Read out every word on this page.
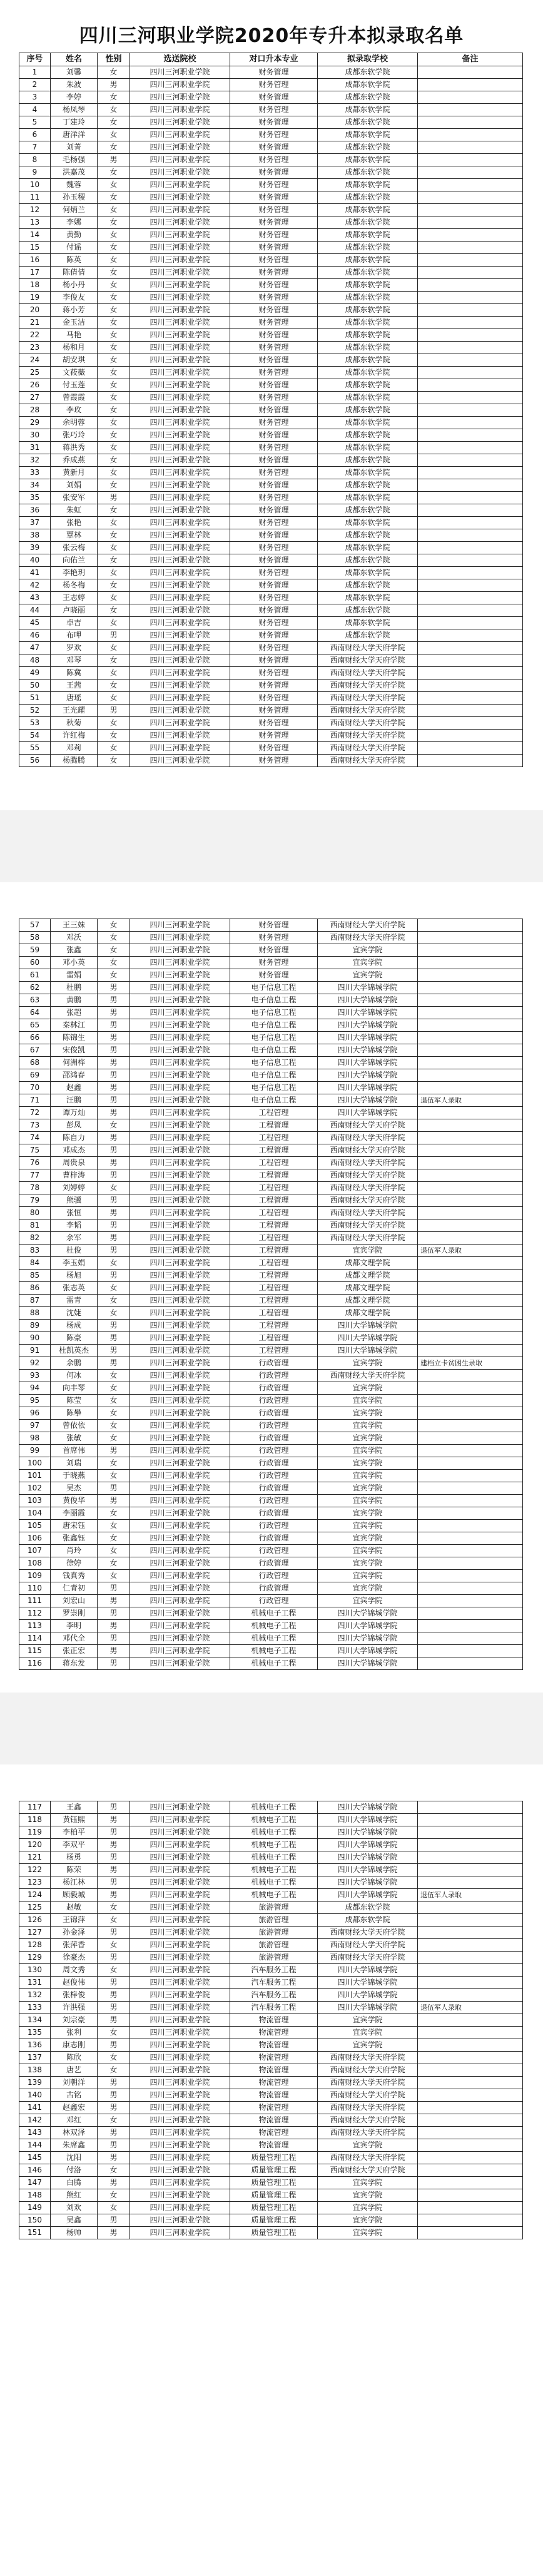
四川三河职业学院2020年专升本拟录取名单
序号	姓名	性别	选送院校	对口升本专业	拟录取学校	备注
1	刘馨	女	四川三河职业学院	财务管理	成都东软学院	
2	朱波	男	四川三河职业学院	财务管理	成都东软学院	
3	李婷	女	四川三河职业学院	财务管理	成都东软学院	
4	杨凤琴	女	四川三河职业学院	财务管理	成都东软学院	
5	丁建玲	女	四川三河职业学院	财务管理	成都东软学院	
6	唐洋洋	女	四川三河职业学院	财务管理	成都东软学院	
7	刘菁	女	四川三河职业学院	财务管理	成都东软学院	
8	毛杨强	男	四川三河职业学院	财务管理	成都东软学院	
9	洪嘉茂	女	四川三河职业学院	财务管理	成都东软学院	
10	魏蓉	女	四川三河职业学院	财务管理	成都东软学院	
11	孙玉稷	女	四川三河职业学院	财务管理	成都东软学院	
12	何炳兰	女	四川三河职业学院	财务管理	成都东软学院	
13	李娜	女	四川三河职业学院	财务管理	成都东软学院	
14	黄勤	女	四川三河职业学院	财务管理	成都东软学院	
15	付谣	女	四川三河职业学院	财务管理	成都东软学院	
16	陈英	女	四川三河职业学院	财务管理	成都东软学院	
17	陈倩倩	女	四川三河职业学院	财务管理	成都东软学院	
18	杨小丹	女	四川三河职业学院	财务管理	成都东软学院	
19	李俊友	女	四川三河职业学院	财务管理	成都东软学院	
20	蒋小芳	女	四川三河职业学院	财务管理	成都东软学院	
21	金玉洁	女	四川三河职业学院	财务管理	成都东软学院	
22	马艳	女	四川三河职业学院	财务管理	成都东软学院	
23	杨和月	女	四川三河职业学院	财务管理	成都东软学院	
24	胡安琪	女	四川三河职业学院	财务管理	成都东软学院	
25	文莜薇	女	四川三河职业学院	财务管理	成都东软学院	
26	付玉莲	女	四川三河职业学院	财务管理	成都东软学院	
27	曾霞霞	女	四川三河职业学院	财务管理	成都东软学院	
28	李玫	女	四川三河职业学院	财务管理	成都东软学院	
29	余明蓉	女	四川三河职业学院	财务管理	成都东软学院	
30	张巧玲	女	四川三河职业学院	财务管理	成都东软学院	
31	蒋洪秀	女	四川三河职业学院	财务管理	成都东软学院	
32	乔成燕	女	四川三河职业学院	财务管理	成都东软学院	
33	黄新月	女	四川三河职业学院	财务管理	成都东软学院	
34	刘娟	女	四川三河职业学院	财务管理	成都东软学院	
35	张安军	男	四川三河职业学院	财务管理	成都东软学院	
36	朱虹	女	四川三河职业学院	财务管理	成都东软学院	
37	张艳	女	四川三河职业学院	财务管理	成都东软学院	
38	覃林	女	四川三河职业学院	财务管理	成都东软学院	
39	张云梅	女	四川三河职业学院	财务管理	成都东软学院	
40	向佑兰	女	四川三河职业学院	财务管理	成都东软学院	
41	李艳玥	女	四川三河职业学院	财务管理	成都东软学院	
42	杨冬梅	女	四川三河职业学院	财务管理	成都东软学院	
43	王志婷	女	四川三河职业学院	财务管理	成都东软学院	
44	卢晓丽	女	四川三河职业学院	财务管理	成都东软学院	
45	卓吉	女	四川三河职业学院	财务管理	成都东软学院	
46	布呷	男	四川三河职业学院	财务管理	成都东软学院	
47	罗欢	女	四川三河职业学院	财务管理	西南财经大学天府学院	
48	邓琴	女	四川三河职业学院	财务管理	西南财经大学天府学院	
49	陈冀	女	四川三河职业学院	财务管理	西南财经大学天府学院	
50	王茜	女	四川三河职业学院	财务管理	西南财经大学天府学院	
51	唐瑶	女	四川三河职业学院	财务管理	西南财经大学天府学院	
52	王光耀	男	四川三河职业学院	财务管理	西南财经大学天府学院	
53	秋菊	女	四川三河职业学院	财务管理	西南财经大学天府学院	
54	许红梅	女	四川三河职业学院	财务管理	西南财经大学天府学院	
55	邓莉	女	四川三河职业学院	财务管理	西南财经大学天府学院	
56	杨腾腾	女	四川三河职业学院	财务管理	西南财经大学天府学院	
57	王三妹	女	四川三河职业学院	财务管理	西南财经大学天府学院	
58	邓沃	女	四川三河职业学院	财务管理	西南财经大学天府学院	
59	张鑫	女	四川三河职业学院	财务管理	宜宾学院	
60	邓小英	女	四川三河职业学院	财务管理	宜宾学院	
61	雷娟	女	四川三河职业学院	财务管理	宜宾学院	
62	杜鹏	男	四川三河职业学院	电子信息工程	四川大学锦城学院	
63	黄鹏	男	四川三河职业学院	电子信息工程	四川大学锦城学院	
64	张超	男	四川三河职业学院	电子信息工程	四川大学锦城学院	
65	秦林江	男	四川三河职业学院	电子信息工程	四川大学锦城学院	
66	陈锦生	男	四川三河职业学院	电子信息工程	四川大学锦城学院	
67	宋俊凯	男	四川三河职业学院	电子信息工程	四川大学锦城学院	
68	何洲桦	男	四川三河职业学院	电子信息工程	四川大学锦城学院	
69	邵鸿春	男	四川三河职业学院	电子信息工程	四川大学锦城学院	
70	赵鑫	男	四川三河职业学院	电子信息工程	四川大学锦城学院	
71	汪鹏	男	四川三河职业学院	电子信息工程	四川大学锦城学院	退伍军人录取
72	谭万灿	男	四川三河职业学院	工程管理	四川大学锦城学院	
73	彭凤	女	四川三河职业学院	工程管理	西南财经大学天府学院	
74	陈自力	男	四川三河职业学院	工程管理	西南财经大学天府学院	
75	邓成杰	男	四川三河职业学院	工程管理	西南财经大学天府学院	
76	周贵泉	男	四川三河职业学院	工程管理	西南财经大学天府学院	
77	曹梓涛	男	四川三河职业学院	工程管理	西南财经大学天府学院	
78	刘婷婷	女	四川三河职业学院	工程管理	西南财经大学天府学院	
79	熊骥	男	四川三河职业学院	工程管理	西南财经大学天府学院	
80	张恒	男	四川三河职业学院	工程管理	西南财经大学天府学院	
81	李韬	男	四川三河职业学院	工程管理	西南财经大学天府学院	
82	余军	男	四川三河职业学院	工程管理	西南财经大学天府学院	
83	杜俊	男	四川三河职业学院	工程管理	宜宾学院	退伍军人录取
84	李玉娟	女	四川三河职业学院	工程管理	成都文理学院	
85	杨旭	男	四川三河职业学院	工程管理	成都文理学院	
86	张志英	女	四川三河职业学院	工程管理	成都文理学院	
87	雷青	女	四川三河职业学院	工程管理	成都文理学院	
88	沈婕	女	四川三河职业学院	工程管理	成都文理学院	
89	杨成	男	四川三河职业学院	工程管理	四川大学锦城学院	
90	陈豪	男	四川三河职业学院	工程管理	四川大学锦城学院	
91	杜凯英杰	男	四川三河职业学院	工程管理	四川大学锦城学院	
92	余鹏	男	四川三河职业学院	行政管理	宜宾学院	建档立卡贫困生录取
93	何冰	女	四川三河职业学院	行政管理	西南财经大学天府学院	
94	向丰琴	女	四川三河职业学院	行政管理	宜宾学院	
95	陈莹	女	四川三河职业学院	行政管理	宜宾学院	
96	陈攀	女	四川三河职业学院	行政管理	宜宾学院	
97	曾依依	女	四川三河职业学院	行政管理	宜宾学院	
98	张敏	女	四川三河职业学院	行政管理	宜宾学院	
99	首席伟	男	四川三河职业学院	行政管理	宜宾学院	
100	刘瑞	女	四川三河职业学院	行政管理	宜宾学院	
101	于晓燕	女	四川三河职业学院	行政管理	宜宾学院	
102	吴杰	男	四川三河职业学院	行政管理	宜宾学院	
103	黄俊华	男	四川三河职业学院	行政管理	宜宾学院	
104	李丽霞	女	四川三河职业学院	行政管理	宜宾学院	
105	唐宋钰	女	四川三河职业学院	行政管理	宜宾学院	
106	张鑫钰	女	四川三河职业学院	行政管理	宜宾学院	
107	肖玲	女	四川三河职业学院	行政管理	宜宾学院	
108	徐婷	女	四川三河职业学院	行政管理	宜宾学院	
109	钱真秀	女	四川三河职业学院	行政管理	宜宾学院	
110	仁青初	男	四川三河职业学院	行政管理	宜宾学院	
111	刘宏山	男	四川三河职业学院	行政管理	宜宾学院	
112	罗崇刚	男	四川三河职业学院	机械电子工程	四川大学锦城学院	
113	李明	男	四川三河职业学院	机械电子工程	四川大学锦城学院	
114	邓代全	男	四川三河职业学院	机械电子工程	四川大学锦城学院	
115	张正宏	男	四川三河职业学院	机械电子工程	四川大学锦城学院	
116	蒋东发	男	四川三河职业学院	机械电子工程	四川大学锦城学院	
117	王鑫	男	四川三河职业学院	机械电子工程	四川大学锦城学院	
118	黄钰熙	男	四川三河职业学院	机械电子工程	四川大学锦城学院	
119	李柏平	男	四川三河职业学院	机械电子工程	四川大学锦城学院	
120	李双平	男	四川三河职业学院	机械电子工程	四川大学锦城学院	
121	杨勇	男	四川三河职业学院	机械电子工程	四川大学锦城学院	
122	陈荣	男	四川三河职业学院	机械电子工程	四川大学锦城学院	
123	杨江林	男	四川三河职业学院	机械电子工程	四川大学锦城学院	
124	顾毅城	男	四川三河职业学院	机械电子工程	四川大学锦城学院	退伍军人录取
125	赵敏	女	四川三河职业学院	旅游管理	成都东软学院	
126	王锦萍	女	四川三河职业学院	旅游管理	成都东软学院	
127	孙金泽	男	四川三河职业学院	旅游管理	西南财经大学天府学院	
128	张萍香	女	四川三河职业学院	旅游管理	西南财经大学天府学院	
129	徐豪杰	男	四川三河职业学院	旅游管理	西南财经大学天府学院	
130	周文秀	女	四川三河职业学院	汽车服务工程	四川大学锦城学院	
131	赵俊伟	男	四川三河职业学院	汽车服务工程	四川大学锦城学院	
132	张梓俊	男	四川三河职业学院	汽车服务工程	四川大学锦城学院	
133	许洪强	男	四川三河职业学院	汽车服务工程	四川大学锦城学院	退伍军人录取
134	刘宗豪	男	四川三河职业学院	物流管理	宜宾学院	
135	张利	女	四川三河职业学院	物流管理	宜宾学院	
136	康志刚	男	四川三河职业学院	物流管理	宜宾学院	
137	陈欣	女	四川三河职业学院	物流管理	西南财经大学天府学院	
138	唐艺	女	四川三河职业学院	物流管理	西南财经大学天府学院	
139	刘朝洋	男	四川三河职业学院	物流管理	西南财经大学天府学院	
140	古铭	男	四川三河职业学院	物流管理	西南财经大学天府学院	
141	赵鑫宏	男	四川三河职业学院	物流管理	西南财经大学天府学院	
142	邓红	女	四川三河职业学院	物流管理	西南财经大学天府学院	
143	林双泽	男	四川三河职业学院	物流管理	西南财经大学天府学院	
144	朱席鑫	男	四川三河职业学院	物流管理	宜宾学院	
145	沈阳	男	四川三河职业学院	质量管理工程	西南财经大学天府学院	
146	付洛	女	四川三河职业学院	质量管理工程	西南财经大学天府学院	
147	白腾	男	四川三河职业学院	质量管理工程	宜宾学院	
148	熊红	女	四川三河职业学院	质量管理工程	宜宾学院	
149	刘欢	女	四川三河职业学院	质量管理工程	宜宾学院	
150	吴鑫	男	四川三河职业学院	质量管理工程	宜宾学院	
151	杨帅	男	四川三河职业学院	质量管理工程	宜宾学院	
